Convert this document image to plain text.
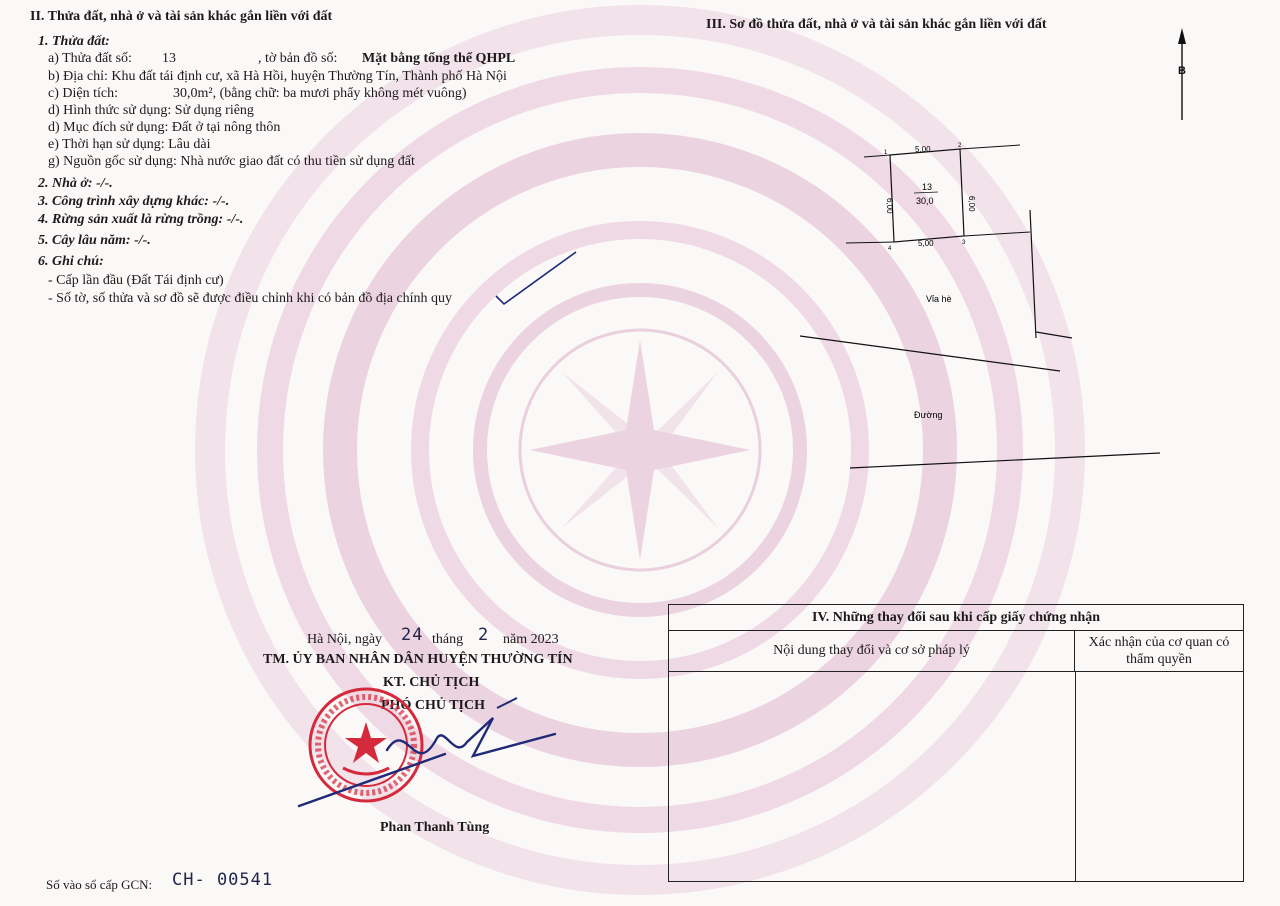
II. Thửa đất, nhà ở và tài sản khác gắn liền với đất
1. Thửa đất:
a) Thửa đất số: 13	, tờ bản đồ số: Mặt bằng tổng thể QHPL
b) Địa chỉ: Khu đất tái định cư, xã Hà Hồi, huyện Thường Tín, Thành phố Hà Nội
c) Diện tích:	30,0m², (bằng chữ: ba mươi phẩy không mét vuông)
d) Hình thức sử dụng: Sử dụng riêng
d) Mục đích sử dụng: Đất ở tại nông thôn
e) Thời hạn sử dụng: Lâu dài
g) Nguồn gốc sử dụng: Nhà nước giao đất có thu tiền sử dụng đất
2. Nhà ở: -/-.
3. Công trình xây dựng khác: -/-.
4. Rừng sản xuất là rừng trồng: -/-.
5. Cây lâu năm: -/-.
6. Ghi chú:
- Cấp lần đầu (Đất Tái định cư)
- Số tờ, số thửa và sơ đồ sẽ được điều chỉnh khi có bản đồ địa chính quy
Hà Nội, ngày 24 tháng 2 năm 2023
TM. ỦY BAN NHÂN DÂN HUYỆN THƯỜNG TÍN
KT. CHỦ TỊCH
PHÓ CHỦ TỊCH
Phan Thanh Tùng
Số vào sổ cấp GCN: CH- 00541
III. Sơ đồ thửa đất, nhà ở và tài sản khác gắn liền với đất
B
5,00
5,00
6,00	6,00
1
2
3
4
13
30,0
Vỉa hè
Đường
IV. Những thay đổi sau khi cấp giấy chứng nhận
Nội dung thay đổi và cơ sở pháp lý
Xác nhận của cơ quan có thẩm quyền
